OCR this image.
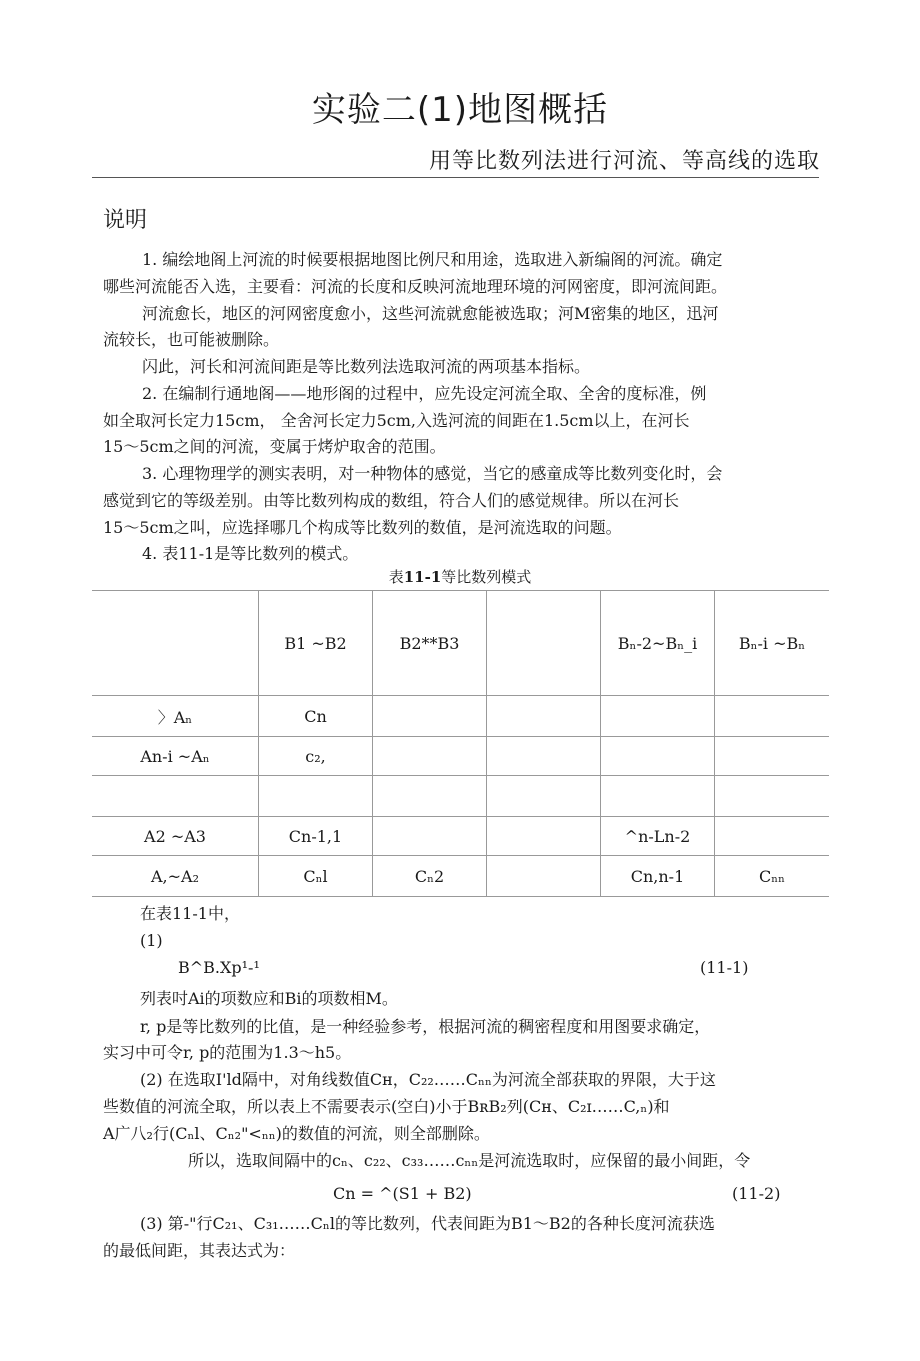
实验二(1)地图概括
用等比数列法进行河流、等高线的选取
说明
1. 编绘地阁上河流的时候要根据地图比例尺和用途，选取进入新编阁的河流。确定
哪些河流能否入选，主要看：河流的长度和反映河流地理环境的河网密度，即河流间距。
河流愈长，地区的河网密度愈小，这些河流就愈能被选取；河M密集的地区，迅河
流较长，也可能被删除。
闪此，河长和河流间距是等比数列法选取河流的两项基本指标。
2. 在编制行通地阁——地形阁的过程中，应先设定河流全取、全舍的度标准，例
如全取河长定力15cm， 全舍河长定力5cm,入选河流的间距在1.5cm以上，在河长
15～5cm之间的河流，变属于烤炉取舍的范围。
3. 心理物理学的测实表明，对一种物体的感觉，当它的感童成等比数列变化时，会
感觉到它的等级差别。由等比数列构成的数组，符合人们的感觉规律。所以在河长
15～5cm之叫，应选择哪几个构成等比数列的数值，是河流选取的问题。
4. 表11-1是等比数列的模式。
表11-1等比数列模式
	B1 ~B2	B2**B3		Bₙ-2~Bₙ_i	Bₙ-i ~Bₙ
〉Aₙ	Cn				
An-i ~Aₙ	c₂,				

A2 ~A3	Cn-1,1			^n-Ln-2	
A,~A₂	Cₙl	Cₙ2		Cn,n-1	Cₙₙ
在表11-1中，
(1)
B^B.Xp¹-¹	(11-1)
列表吋Ai的项数应和Bi的项数相M。
r, p是等比数列的比值，是一种经验参考，根据河流的稠密程度和用图要求确定，
实习中可令r, p的范围为1.3～h5。
(2) 在选取I'ld隔中，对角线数值Cʜ，C₂₂……Cₙₙ为河流全部获取的界限，大于这
些数值的河流全取，所以表上不需要表示(空白)小于BʀB₂列(Cʜ、C₂ɪ……C,ₙ)和
A广八₂行(Cₙl、Cₙ₂"<ₙₙ)的数值的河流，则全部删除。
所以，选取间隔中的cₙ、c₂₂、c₃₃……cₙₙ是河流选取时，应保留的最小间距，令
Cn = ^(S1 + B2)	(11-2)
(3) 第-"行C₂₁、C₃₁……Cₙl的等比数列，代表间距为B1～B2的各种长度河流获选
的最低间距，其表达式为：
